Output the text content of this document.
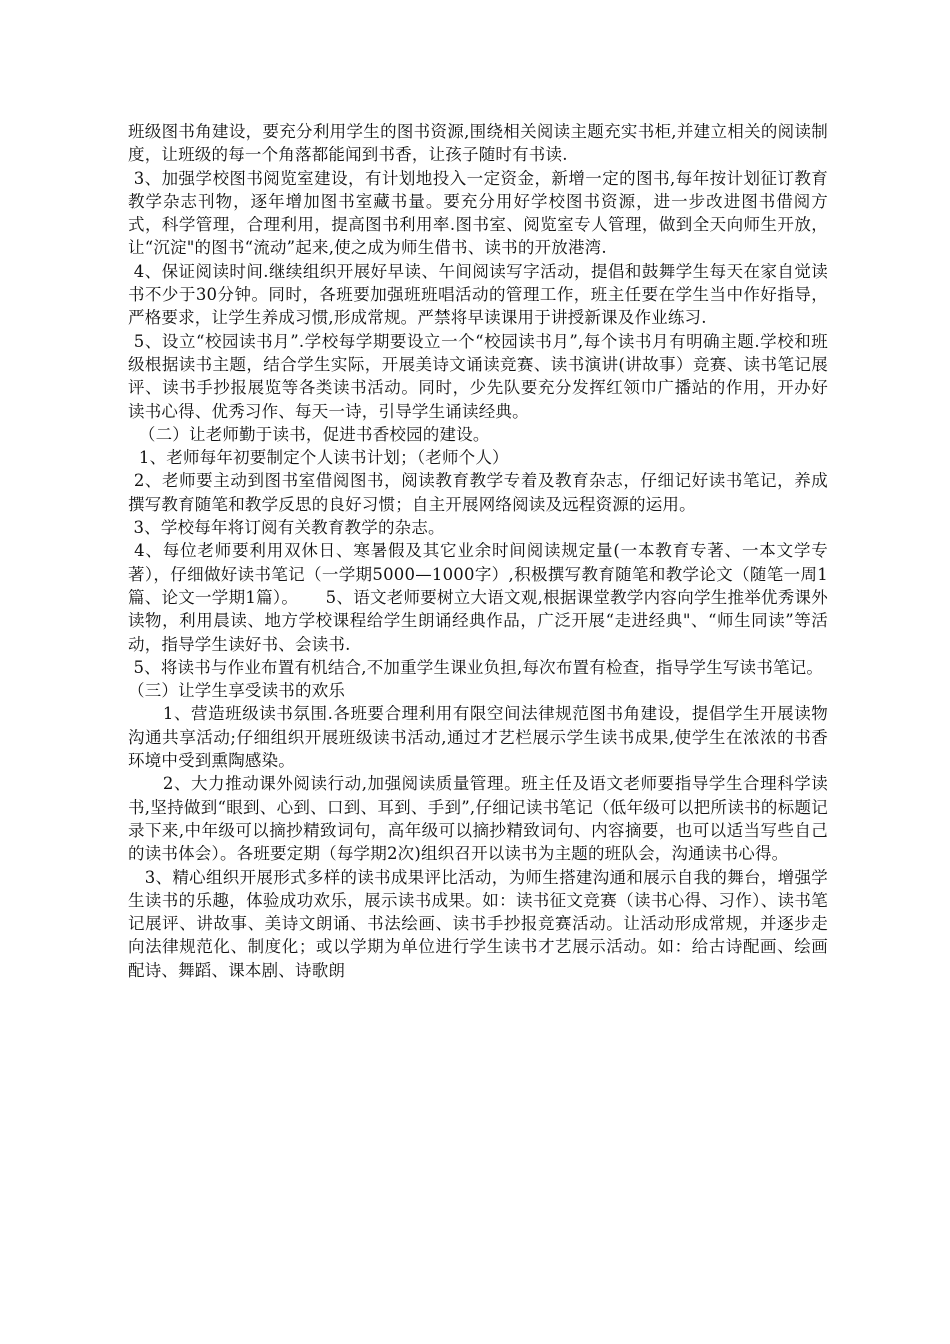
班级图书角建设，要充分利用学生的图书资源,围绕相关阅读主题充实书柜,并建立相关的阅读制度，让班级的每一个角落都能闻到书香，让孩子随时有书读.

3、加强学校图书阅览室建设，有计划地投入一定资金，新增一定的图书,每年按计划征订教育教学杂志刊物，逐年增加图书室藏书量。要充分用好学校图书资源，进一步改进图书借阅方式，科学管理，合理利用，提高图书利用率.图书室、阅览室专人管理，做到全天向师生开放，让“沉淀"的图书“流动”起来,使之成为师生借书、读书的开放港湾.

4、保证阅读时间.继续组织开展好早读、午间阅读写字活动，提倡和鼓舞学生每天在家自觉读书不少于30分钟。同时，各班要加强班班唱活动的管理工作，班主任要在学生当中作好指导，严格要求，让学生养成习惯,形成常规。严禁将早读课用于讲授新课及作业练习.

5、设立“校园读书月”.学校每学期要设立一个“校园读书月”,每个读书月有明确主题.学校和班级根据读书主题，结合学生实际，开展美诗文诵读竞赛、读书演讲(讲故事）竞赛、读书笔记展评、读书手抄报展览等各类读书活动。同时，少先队要充分发挥红领巾广播站的作用，开办好读书心得、优秀习作、每天一诗，引导学生诵读经典。

（二）让老师勤于读书，促进书香校园的建设。

1、老师每年初要制定个人读书计划；（老师个人）

2、老师要主动到图书室借阅图书，阅读教育教学专着及教育杂志，仔细记好读书笔记，养成撰写教育随笔和教学反思的良好习惯；自主开展网络阅读及远程资源的运用。

3、学校每年将订阅有关教育教学的杂志。

4、每位老师要利用双休日、寒暑假及其它业余时间阅读规定量(一本教育专著、一本文学专著），仔细做好读书笔记（一学期5000—1000字）,积极撰写教育随笔和教学论文（随笔一周1篇、论文一学期1篇）。     5、语文老师要树立大语文观,根据课堂教学内容向学生推举优秀课外读物，利用晨读、地方学校课程给学生朗诵经典作品，广泛开展“走进经典"、“师生同读”等活动，指导学生读好书、会读书.

5、将读书与作业布置有机结合,不加重学生课业负担,每次布置有检查，指导学生写读书笔记。

（三）让学生享受读书的欢乐

1、营造班级读书氛围.各班要合理利用有限空间法律规范图书角建设，提倡学生开展读物沟通共享活动;仔细组织开展班级读书活动,通过才艺栏展示学生读书成果,使学生在浓浓的书香环境中受到熏陶感染。

2、大力推动课外阅读行动,加强阅读质量管理。班主任及语文老师要指导学生合理科学读书,坚持做到“眼到、心到、口到、耳到、手到”,仔细记读书笔记（低年级可以把所读书的标题记录下来,中年级可以摘抄精致词句，高年级可以摘抄精致词句、内容摘要，也可以适当写些自己的读书体会）。各班要定期（每学期2次)组织召开以读书为主题的班队会，沟通读书心得。

3、精心组织开展形式多样的读书成果评比活动，为师生搭建沟通和展示自我的舞台，增强学生读书的乐趣，体验成功欢乐，展示读书成果。如：读书征文竞赛（读书心得、习作）、读书笔记展评、讲故事、美诗文朗诵、书法绘画、读书手抄报竞赛活动。让活动形成常规，并逐步走向法律规范化、制度化；或以学期为单位进行学生读书才艺展示活动。如：给古诗配画、绘画配诗、舞蹈、课本剧、诗歌朗
